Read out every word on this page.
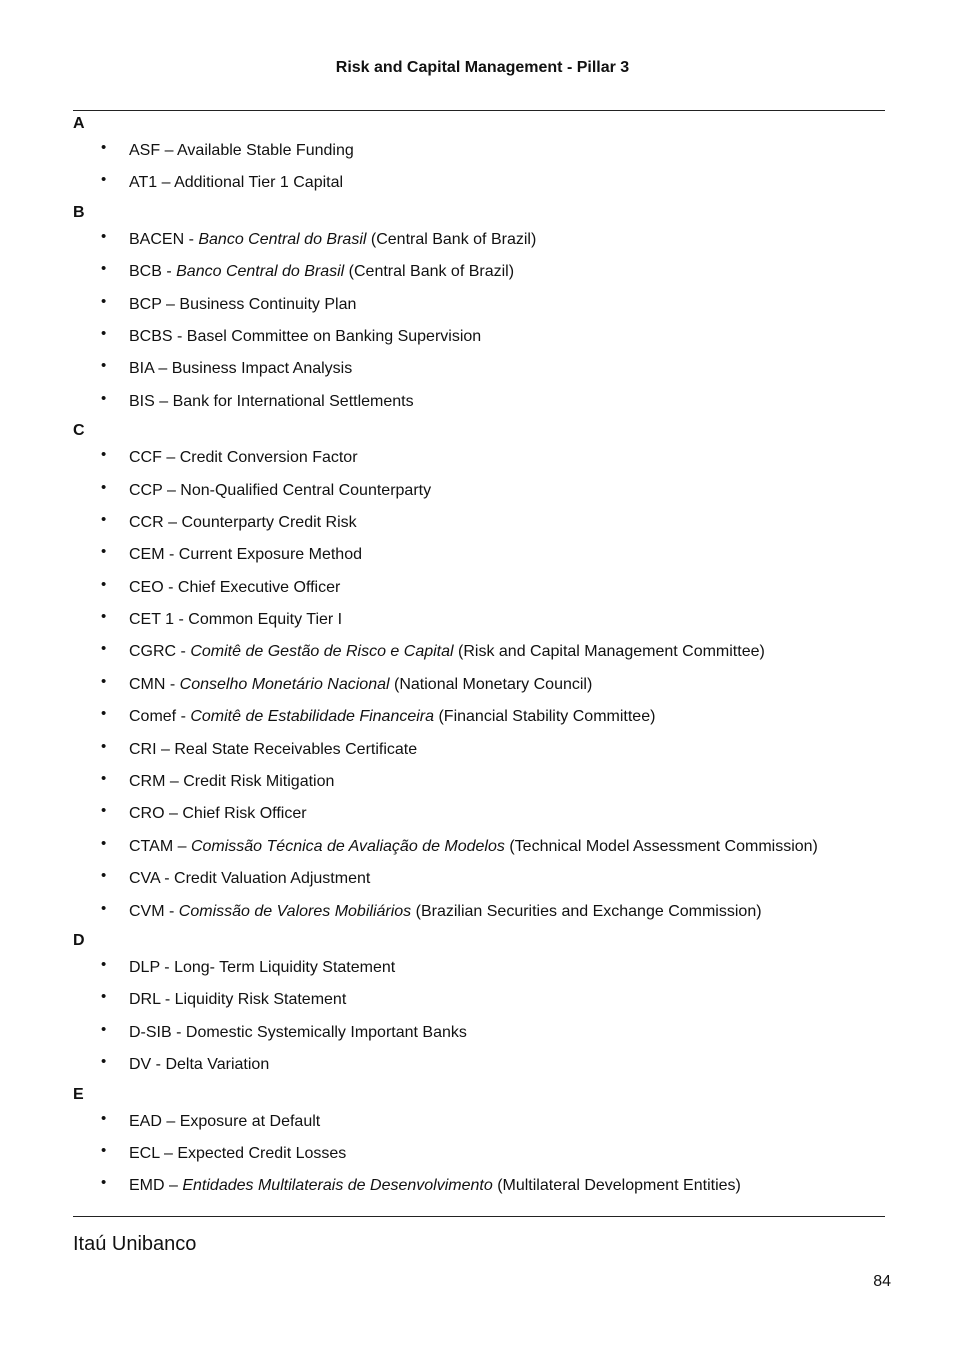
Risk and Capital Management - Pillar 3
A
• ASF – Available Stable Funding
• AT1 – Additional Tier 1 Capital
B
• BACEN - Banco Central do Brasil (Central Bank of Brazil)
• BCB - Banco Central do Brasil (Central Bank of Brazil)
• BCP – Business Continuity Plan
• BCBS - Basel Committee on Banking Supervision
• BIA – Business Impact Analysis
• BIS – Bank for International Settlements
C
• CCF – Credit Conversion Factor
• CCP – Non-Qualified Central Counterparty
• CCR – Counterparty Credit Risk
• CEM - Current Exposure Method
• CEO - Chief Executive Officer
• CET 1 - Common Equity Tier I
• CGRC - Comitê de Gestão de Risco e Capital (Risk and Capital Management Committee)
• CMN - Conselho Monetário Nacional (National Monetary Council)
• Comef - Comitê de Estabilidade Financeira (Financial Stability Committee)
• CRI – Real State Receivables Certificate
• CRM – Credit Risk Mitigation
• CRO – Chief Risk Officer
• CTAM – Comissão Técnica de Avaliação de Modelos (Technical Model Assessment Commission)
• CVA - Credit Valuation Adjustment
• CVM - Comissão de Valores Mobiliários (Brazilian Securities and Exchange Commission)
D
• DLP - Long- Term Liquidity Statement
• DRL - Liquidity Risk Statement
• D-SIB - Domestic Systemically Important Banks
• DV - Delta Variation
E
• EAD – Exposure at Default
• ECL – Expected Credit Losses
• EMD – Entidades Multilaterais de Desenvolvimento (Multilateral Development Entities)
Itaú Unibanco
84
